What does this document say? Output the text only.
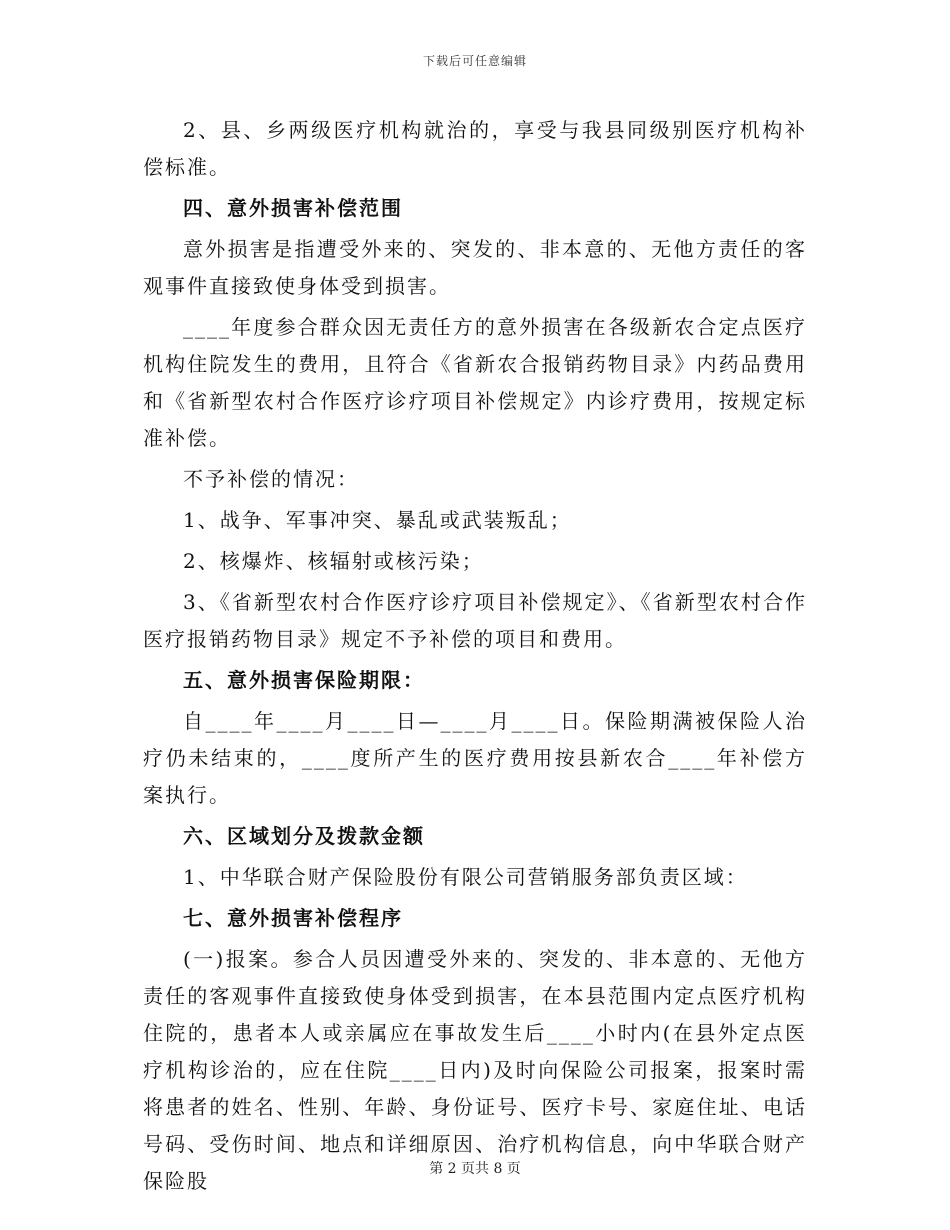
下载后可任意编辑

2、县、乡两级医疗机构就治的，享受与我县同级别医疗机构补偿标准。

四、意外损害补偿范围

意外损害是指遭受外来的、突发的、非本意的、无他方责任的客观事件直接致使身体受到损害。

____年度参合群众因无责任方的意外损害在各级新农合定点医疗机构住院发生的费用，且符合《省新农合报销药物目录》内药品费用和《省新型农村合作医疗诊疗项目补偿规定》内诊疗费用，按规定标准补偿。

不予补偿的情况：

1、战争、军事冲突、暴乱或武装叛乱；

2、核爆炸、核辐射或核污染；

3、《省新型农村合作医疗诊疗项目补偿规定》、《省新型农村合作医疗报销药物目录》规定不予补偿的项目和费用。

五、意外损害保险期限：

自____年____月____日—____月____日。保险期满被保险人治疗仍未结束的，____度所产生的医疗费用按县新农合____年补偿方案执行。

六、区域划分及拨款金额

1、中华联合财产保险股份有限公司营销服务部负责区域：

七、意外损害补偿程序

(一)报案。参合人员因遭受外来的、突发的、非本意的、无他方责任的客观事件直接致使身体受到损害，在本县范围内定点医疗机构住院的，患者本人或亲属应在事故发生后____小时内(在县外定点医疗机构诊治的，应在住院____日内)及时向保险公司报案，报案时需将患者的姓名、性别、年龄、身份证号、医疗卡号、家庭住址、电话号码、受伤时间、地点和详细原因、治疗机构信息，向中华联合财产保险股	第 2 页共 8 页
